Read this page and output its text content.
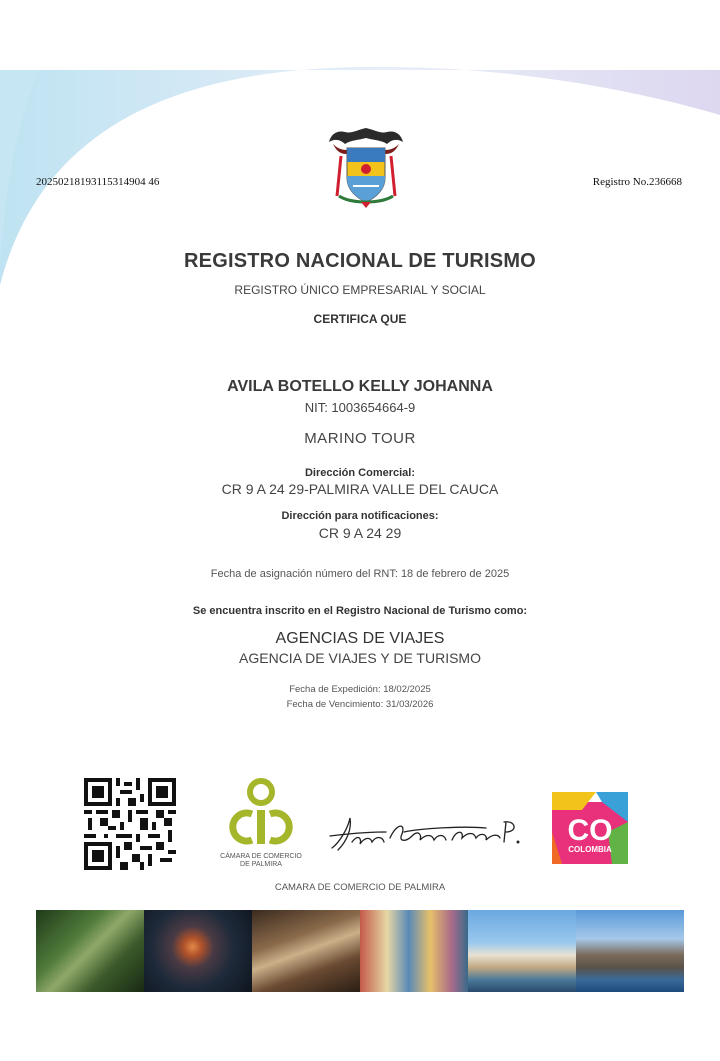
20250218193115314904 46	Registro No.236668
REGISTRO NACIONAL DE TURISMO
REGISTRO ÚNICO EMPRESARIAL Y SOCIAL
CERTIFICA QUE
AVILA BOTELLO KELLY JOHANNA
NIT: 1003654664-9
MARINO TOUR
Dirección Comercial:
CR 9 A 24 29-PALMIRA VALLE DEL CAUCA
Dirección para notificaciones:
CR 9 A 24 29
Fecha de asignación número del RNT: 18 de febrero de 2025
Se encuentra inscrito en el Registro Nacional de Turismo como:
AGENCIAS DE VIAJES
AGENCIA DE VIAJES Y DE TURISMO
Fecha de Expedición: 18/02/2025
Fecha de Vencimiento: 31/03/2026
CÁMARA DE COMERCIO
DE PALMIRA
CO
COLOMBIA
CAMARA DE COMERCIO DE PALMIRA
